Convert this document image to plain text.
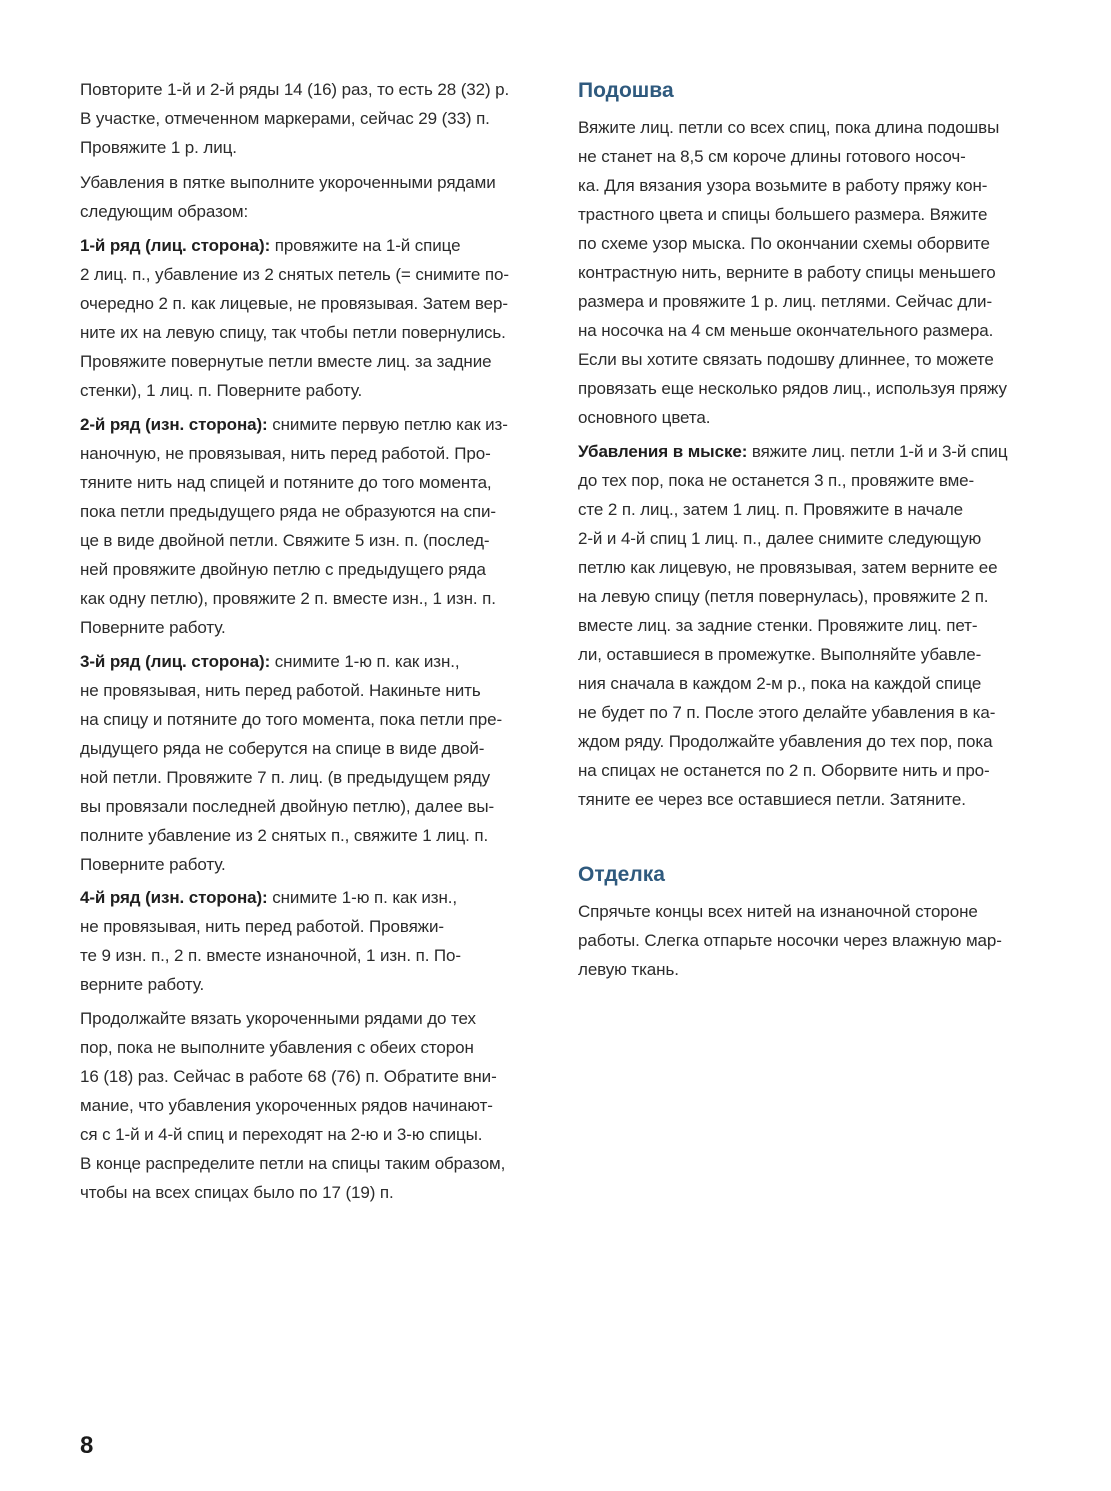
Повторите 1-й и 2-й ряды 14 (16) раз, то есть 28 (32) р.
В участке, отмеченном маркерами, сейчас 29 (33) п.
Провяжите 1 р. лиц.
Убавления в пятке выполните укороченными рядами
следующим образом:
1-й ряд (лиц. сторона): провяжите на 1-й спице
2 лиц. п., убавление из 2 снятых петель (= снимите по-
очередно 2 п. как лицевые, не провязывая. Затем вер-
ните их на левую спицу, так чтобы петли повернулись.
Провяжите повернутые петли вместе лиц. за задние
стенки), 1 лиц. п. Поверните работу.
2-й ряд (изн. сторона): снимите первую петлю как из-
наночную, не провязывая, нить перед работой. Про-
тяните нить над спицей и потяните до того момента,
пока петли предыдущего ряда не образуются на спи-
це в виде двойной петли. Свяжите 5 изн. п. (послед-
ней провяжите двойную петлю с предыдущего ряда
как одну петлю), провяжите 2 п. вместе изн., 1 изн. п.
Поверните работу.
3-й ряд (лиц. сторона): снимите 1-ю п. как изн.,
не провязывая, нить перед работой. Накиньте нить
на спицу и потяните до того момента, пока петли пре-
дыдущего ряда не соберутся на спице в виде двой-
ной петли. Провяжите 7 п. лиц. (в предыдущем ряду
вы провязали последней двойную петлю), далее вы-
полните убавление из 2 снятых п., свяжите 1 лиц. п.
Поверните работу.
4-й ряд (изн. сторона): снимите 1-ю п. как изн.,
не провязывая, нить перед работой. Провяжи-
те 9 изн. п., 2 п. вместе изнаночной, 1 изн. п. По-
верните работу.
Продолжайте вязать укороченными рядами до тех
пор, пока не выполните убавления с обеих сторон
16 (18) раз. Сейчас в работе 68 (76) п. Обратите вни-
мание, что убавления укороченных рядов начинают-
ся с 1-й и 4-й спиц и переходят на 2-ю и 3-ю спицы.
В конце распределите петли на спицы таким образом,
чтобы на всех спицах было по 17 (19) п.
Подошва
Вяжите лиц. петли со всех спиц, пока длина подошвы
не станет на 8,5 см короче длины готового носоч-
ка. Для вязания узора возьмите в работу пряжу кон-
трастного цвета и спицы большего размера. Вяжите
по схеме узор мыска. По окончании схемы оборвите
контрастную нить, верните в работу спицы меньшего
размера и провяжите 1 р. лиц. петлями. Сейчас дли-
на носочка на 4 см меньше окончательного размера.
Если вы хотите связать подошву длиннее, то можете
провязать еще несколько рядов лиц., используя пряжу
основного цвета.
Убавления в мыске: вяжите лиц. петли 1-й и 3-й спиц
до тех пор, пока не останется 3 п., провяжите вме-
сте 2 п. лиц., затем 1 лиц. п. Провяжите в начале
2-й и 4-й спиц 1 лиц. п., далее снимите следующую
петлю как лицевую, не провязывая, затем верните ее
на левую спицу (петля повернулась), провяжите 2 п.
вместе лиц. за задние стенки. Провяжите лиц. пет-
ли, оставшиеся в промежутке. Выполняйте убавле-
ния сначала в каждом 2-м р., пока на каждой спице
не будет по 7 п. После этого делайте убавления в ка-
ждом ряду. Продолжайте убавления до тех пор, пока
на спицах не останется по 2 п. Оборвите нить и про-
тяните ее через все оставшиеся петли. Затяните.
Отделка
Спрячьте концы всех нитей на изнаночной стороне
работы. Слегка отпарьте носочки через влажную мар-
левую ткань.
8
